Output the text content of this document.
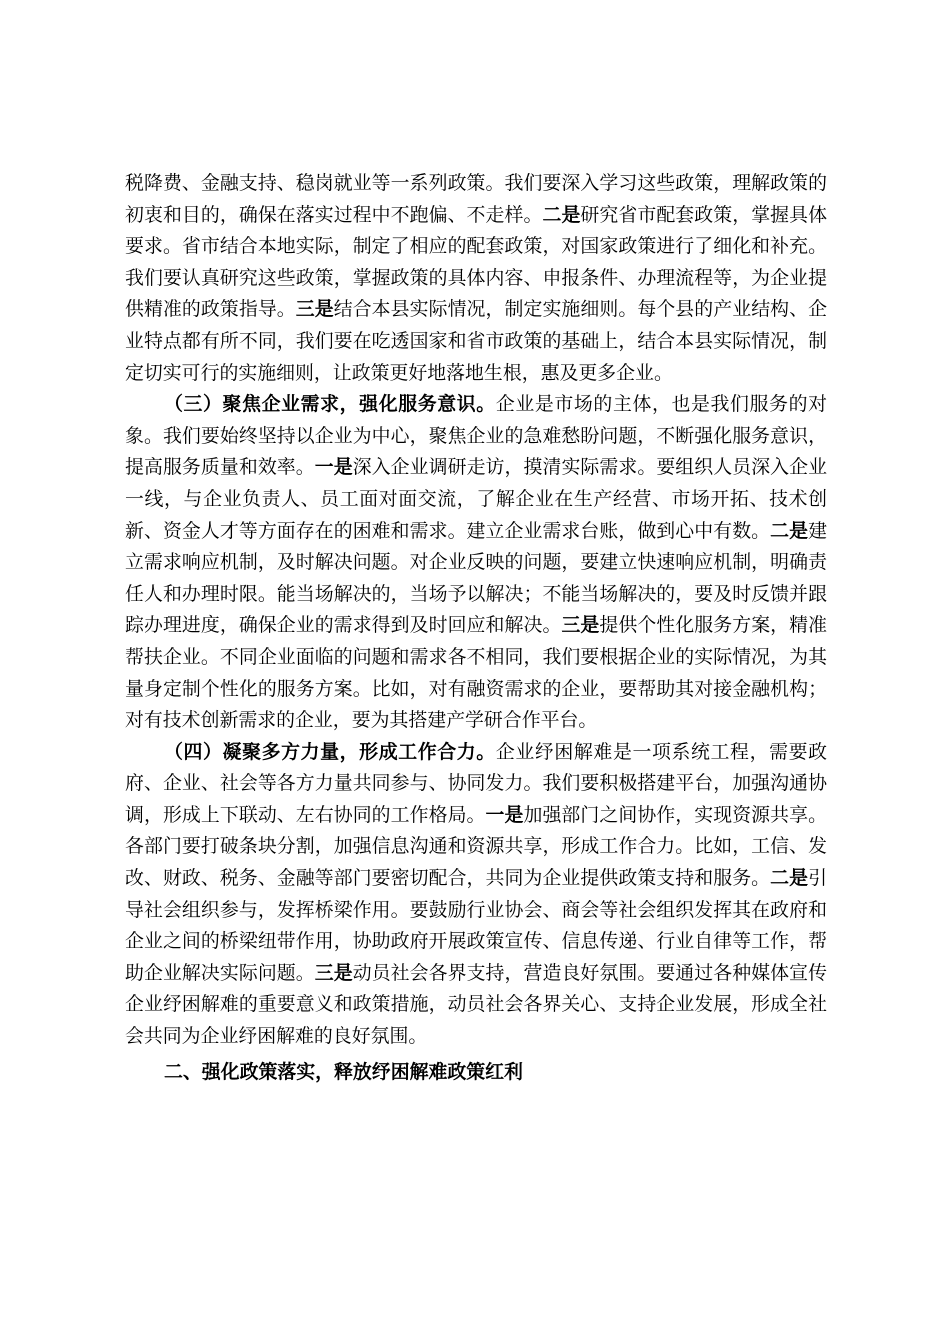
税降费、金融支持、稳岗就业等一系列政策。我们要深入学习这些政策，理解政策的初衷和目的，确保在落实过程中不跑偏、不走样。二是研究省市配套政策，掌握具体要求。省市结合本地实际，制定了相应的配套政策，对国家政策进行了细化和补充。我们要认真研究这些政策，掌握政策的具体内容、申报条件、办理流程等，为企业提供精准的政策指导。三是结合本县实际情况，制定实施细则。每个县的产业结构、企业特点都有所不同，我们要在吃透国家和省市政策的基础上，结合本县实际情况，制定切实可行的实施细则，让政策更好地落地生根，惠及更多企业。

（三）聚焦企业需求，强化服务意识。企业是市场的主体，也是我们服务的对象。我们要始终坚持以企业为中心，聚焦企业的急难愁盼问题，不断强化服务意识，提高服务质量和效率。一是深入企业调研走访，摸清实际需求。要组织人员深入企业一线，与企业负责人、员工面对面交流，了解企业在生产经营、市场开拓、技术创新、资金人才等方面存在的困难和需求。建立企业需求台账，做到心中有数。二是建立需求响应机制，及时解决问题。对企业反映的问题，要建立快速响应机制，明确责任人和办理时限。能当场解决的，当场予以解决；不能当场解决的，要及时反馈并跟踪办理进度，确保企业的需求得到及时回应和解决。三是提供个性化服务方案，精准帮扶企业。不同企业面临的问题和需求各不相同，我们要根据企业的实际情况，为其量身定制个性化的服务方案。比如，对有融资需求的企业，要帮助其对接金融机构；对有技术创新需求的企业，要为其搭建产学研合作平台。

（四）凝聚多方力量，形成工作合力。企业纾困解难是一项系统工程，需要政府、企业、社会等各方力量共同参与、协同发力。我们要积极搭建平台，加强沟通协调，形成上下联动、左右协同的工作格局。一是加强部门之间协作，实现资源共享。各部门要打破条块分割，加强信息沟通和资源共享，形成工作合力。比如，工信、发改、财政、税务、金融等部门要密切配合，共同为企业提供政策支持和服务。二是引导社会组织参与，发挥桥梁作用。要鼓励行业协会、商会等社会组织发挥其在政府和企业之间的桥梁纽带作用，协助政府开展政策宣传、信息传递、行业自律等工作，帮助企业解决实际问题。三是动员社会各界支持，营造良好氛围。要通过各种媒体宣传企业纾困解难的重要意义和政策措施，动员社会各界关心、支持企业发展，形成全社会共同为企业纾困解难的良好氛围。

二、强化政策落实，释放纾困解难政策红利
